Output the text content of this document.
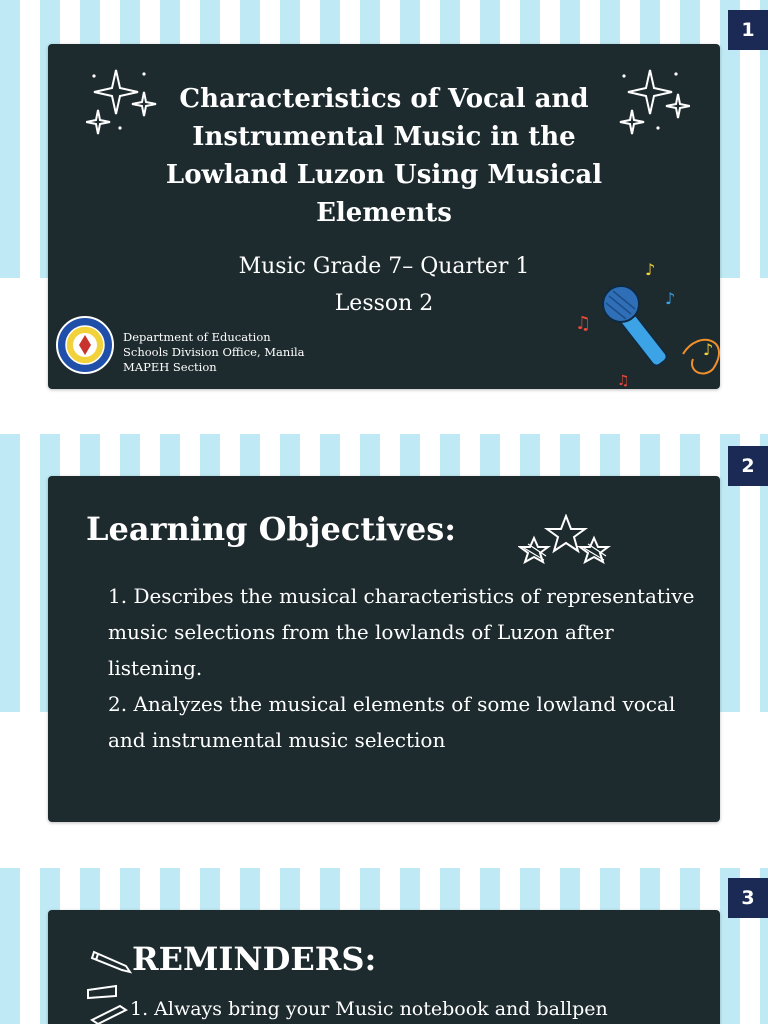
1
Characteristics of Vocal and Instrumental Music in the Lowland Luzon Using Musical Elements
Music Grade 7– Quarter 1
Lesson 2
Department of Education
Schools Division Office, Manila
MAPEH Section
♪
♫
♪
♪
♫
2
Learning Objectives:
1. Describes the musical characteristics of representative music selections from the lowlands of Luzon after listening.
2. Analyzes the musical elements of some lowland vocal and instrumental music selection
3
REMINDERS:
1. Always bring your Music notebook and ballpen
